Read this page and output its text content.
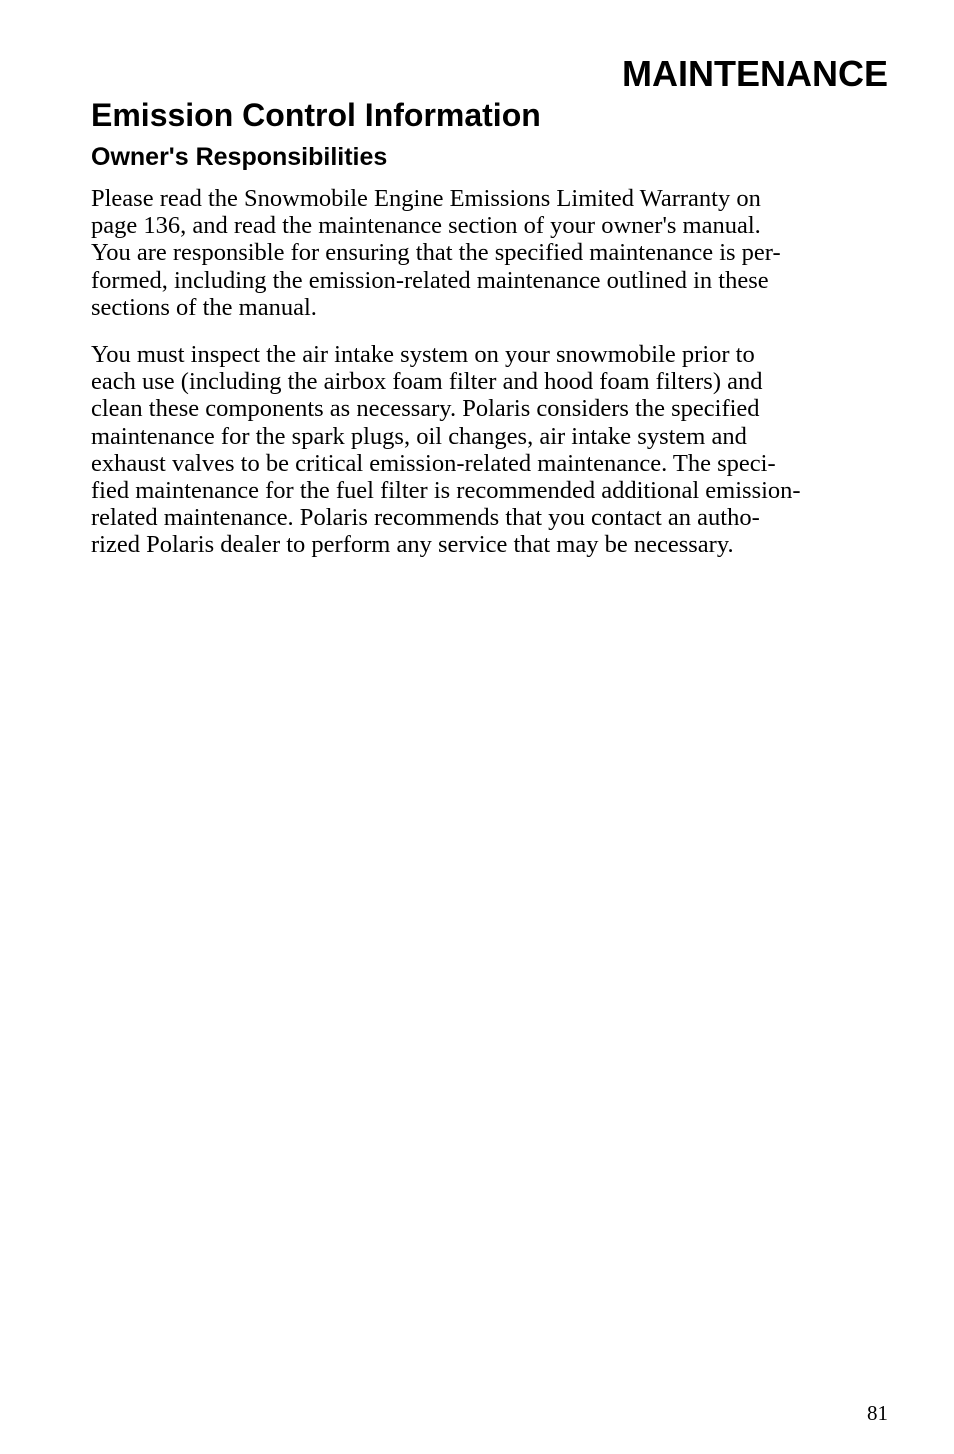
MAINTENANCE
Emission Control Information
Owner's Responsibilities

Please read the Snowmobile Engine Emissions Limited Warranty on
page 136, and read the maintenance section of your owner's manual.
You are responsible for ensuring that the specified maintenance is per-
formed, including the emission-related maintenance outlined in these
sections of the manual.

You must inspect the air intake system on your snowmobile prior to
each use (including the airbox foam filter and hood foam filters) and
clean these components as necessary. Polaris considers the specified
maintenance for the spark plugs, oil changes, air intake system and
exhaust valves to be critical emission-related maintenance. The speci-
fied maintenance for the fuel filter is recommended additional emission-
related maintenance. Polaris recommends that you contact an autho-
rized Polaris dealer to perform any service that may be necessary.

81
